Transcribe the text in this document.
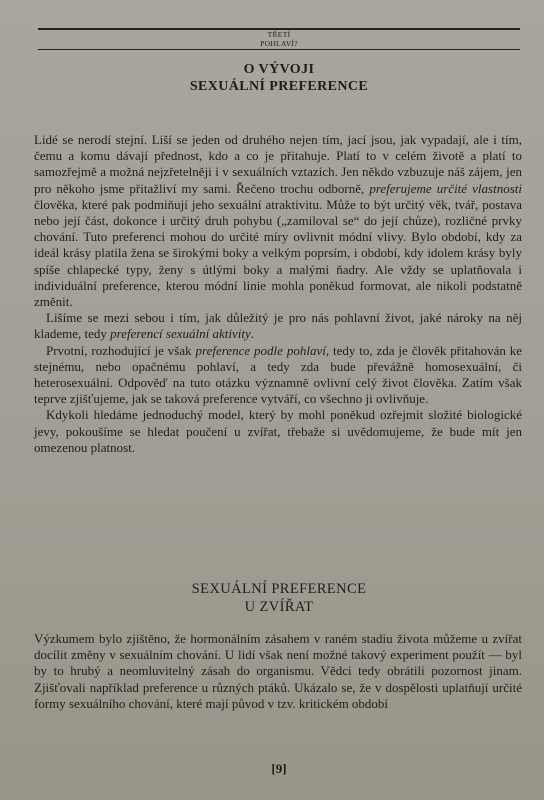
TŘETÍ
POHLAVÍ?
O VÝVOJI
SEXUÁLNÍ PREFERENCE

Lidé se nerodí stejní. Liší se jeden od druhého nejen tím, jací jsou, jak vypadají, ale i tím, čemu a komu dávají přednost, kdo a co je přitahuje. Platí to v celém životě a platí to samozřejmě a možná nejzřetelněji i v sexuálních vztazích. Jen někdo vzbuzuje náš zájem, jen pro někoho jsme přitažliví my sami. Řečeno trochu odborně, preferujeme určité vlastnosti člověka, které pak podmiňují jeho sexuální atraktivitu. Může to být určitý věk, tvář, postava nebo její část, dokonce i určitý druh pohybu („zamiloval se“ do její chůze), rozličné prvky chování. Tuto preferenci mohou do určité míry ovlivnit módní vlivy. Bylo období, kdy za ideál krásy platila žena se širokými boky a velkým poprsím, i období, kdy idolem krásy byly spíše chlapecké typy, ženy s útlými boky a malými ňadry. Ale vždy se uplatňovala i individuální preference, kterou módní linie mohla poněkud formovat, ale nikoli podstatně změnit.

Lišíme se mezi sebou i tím, jak důležitý je pro nás pohlavní život, jaké nároky na něj klademe, tedy preferencí sexuální aktivity.

Prvotní, rozhodující je však preference podle pohlaví, tedy to, zda je člověk přitahován ke stejnému, nebo opačnému pohlaví, a tedy zda bude převážně homosexuální, či heterosexuální. Odpověď na tuto otázku významně ovlivní celý život člověka. Zatím však teprve zjišťujeme, jak se taková preference vytváří, co všechno ji ovlivňuje.

Kdykoli hledáme jednoduchý model, který by mohl poněkud ozřejmit složité biologické jevy, pokoušíme se hledat poučení u zvířat, třebaže si uvědomujeme, že bude mít jen omezenou platnost.

SEXUÁLNÍ PREFERENCE
U ZVÍŘAT

Výzkumem bylo zjištěno, že hormonálním zásahem v raném stadiu života můžeme u zvířat docílit změny v sexuálním chování. U lidí však není možné takový experiment použít — byl by to hrubý a neomluvitelný zásah do organismu. Vědci tedy obrátili pozornost jinam. Zjišťovali například preference u různých ptáků. Ukázalo se, že v dospělosti uplatňují určité formy sexuálního chování, které mají původ v tzv. kritickém období

[9]
